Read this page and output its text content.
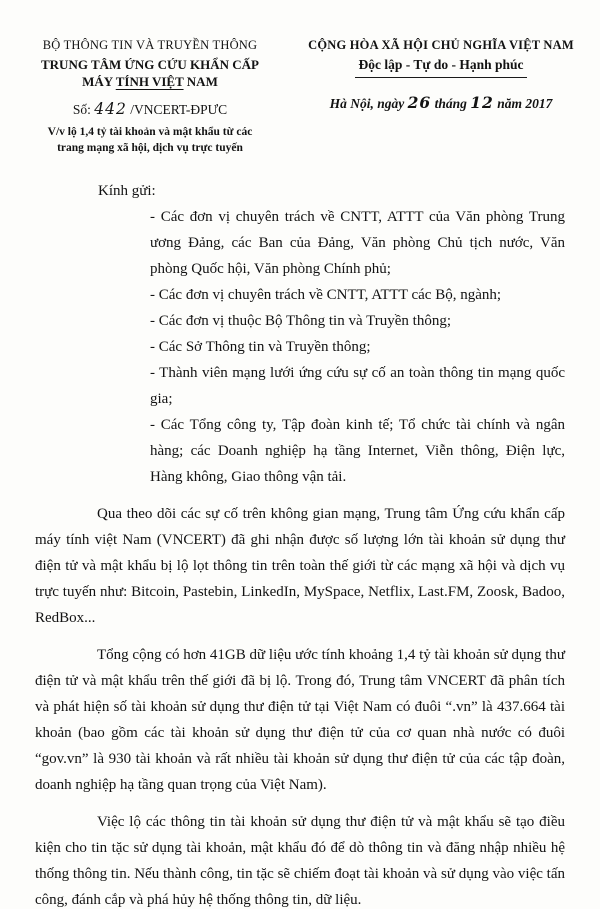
BỘ THÔNG TIN VÀ TRUYỀN THÔNG
TRUNG TÂM ỨNG CỨU KHẨN CẤP
MÁY TÍNH VIỆT NAM
Số: 442 /VNCERT-ĐPƯC
V/v lộ 1,4 tỷ tài khoản và mật khẩu từ các
trang mạng xã hội, dịch vụ trực tuyến
CỘNG HÒA XÃ HỘI CHỦ NGHĨA VIỆT NAM
Độc lập - Tự do - Hạnh phúc
Hà Nội, ngày 26 tháng 12 năm 2017
Kính gửi:
- Các đơn vị chuyên trách về CNTT, ATTT của Văn phòng Trung ương Đảng, các Ban của Đảng, Văn phòng Chủ tịch nước, Văn phòng Quốc hội, Văn phòng Chính phủ;
- Các đơn vị chuyên trách về CNTT, ATTT các Bộ, ngành;
- Các đơn vị thuộc Bộ Thông tin và Truyền thông;
- Các Sở Thông tin và Truyền thông;
- Thành viên mạng lưới ứng cứu sự cố an toàn thông tin mạng quốc gia;
- Các Tổng công ty, Tập đoàn kinh tế; Tổ chức tài chính và ngân hàng; các Doanh nghiệp hạ tầng Internet, Viễn thông, Điện lực, Hàng không, Giao thông vận tải.
Qua theo dõi các sự cố trên không gian mạng, Trung tâm Ứng cứu khẩn cấp máy tính việt Nam (VNCERT) đã ghi nhận được số lượng lớn tài khoản sử dụng thư điện tử và mật khẩu bị lộ lọt thông tin trên toàn thế giới từ các mạng xã hội và dịch vụ trực tuyến như: Bitcoin, Pastebin, LinkedIn, MySpace, Netflix, Last.FM, Zoosk, Badoo, RedBox...
Tổng cộng có hơn 41GB dữ liệu ước tính khoảng 1,4 tỷ tài khoản sử dụng thư điện tử và mật khẩu trên thế giới đã bị lộ. Trong đó, Trung tâm VNCERT đã phân tích và phát hiện số tài khoản sử dụng thư điện tử tại Việt Nam có đuôi “.vn” là 437.664 tài khoản (bao gồm các tài khoản sử dụng thư điện tử của cơ quan nhà nước có đuôi “gov.vn” là 930 tài khoản và rất nhiều tài khoản sử dụng thư điện tử của các tập đoàn, doanh nghiệp hạ tầng quan trọng của Việt Nam).
Việc lộ các thông tin tài khoản sử dụng thư điện tử và mật khẩu sẽ tạo điều kiện cho tin tặc sử dụng tài khoản, mật khẩu đó để dò thông tin và đăng nhập nhiều hệ thống thông tin. Nếu thành công, tin tặc sẽ chiếm đoạt tài khoản và sử dụng vào việc tấn công, đánh cắp và phá hủy hệ thống thông tin, dữ liệu.
